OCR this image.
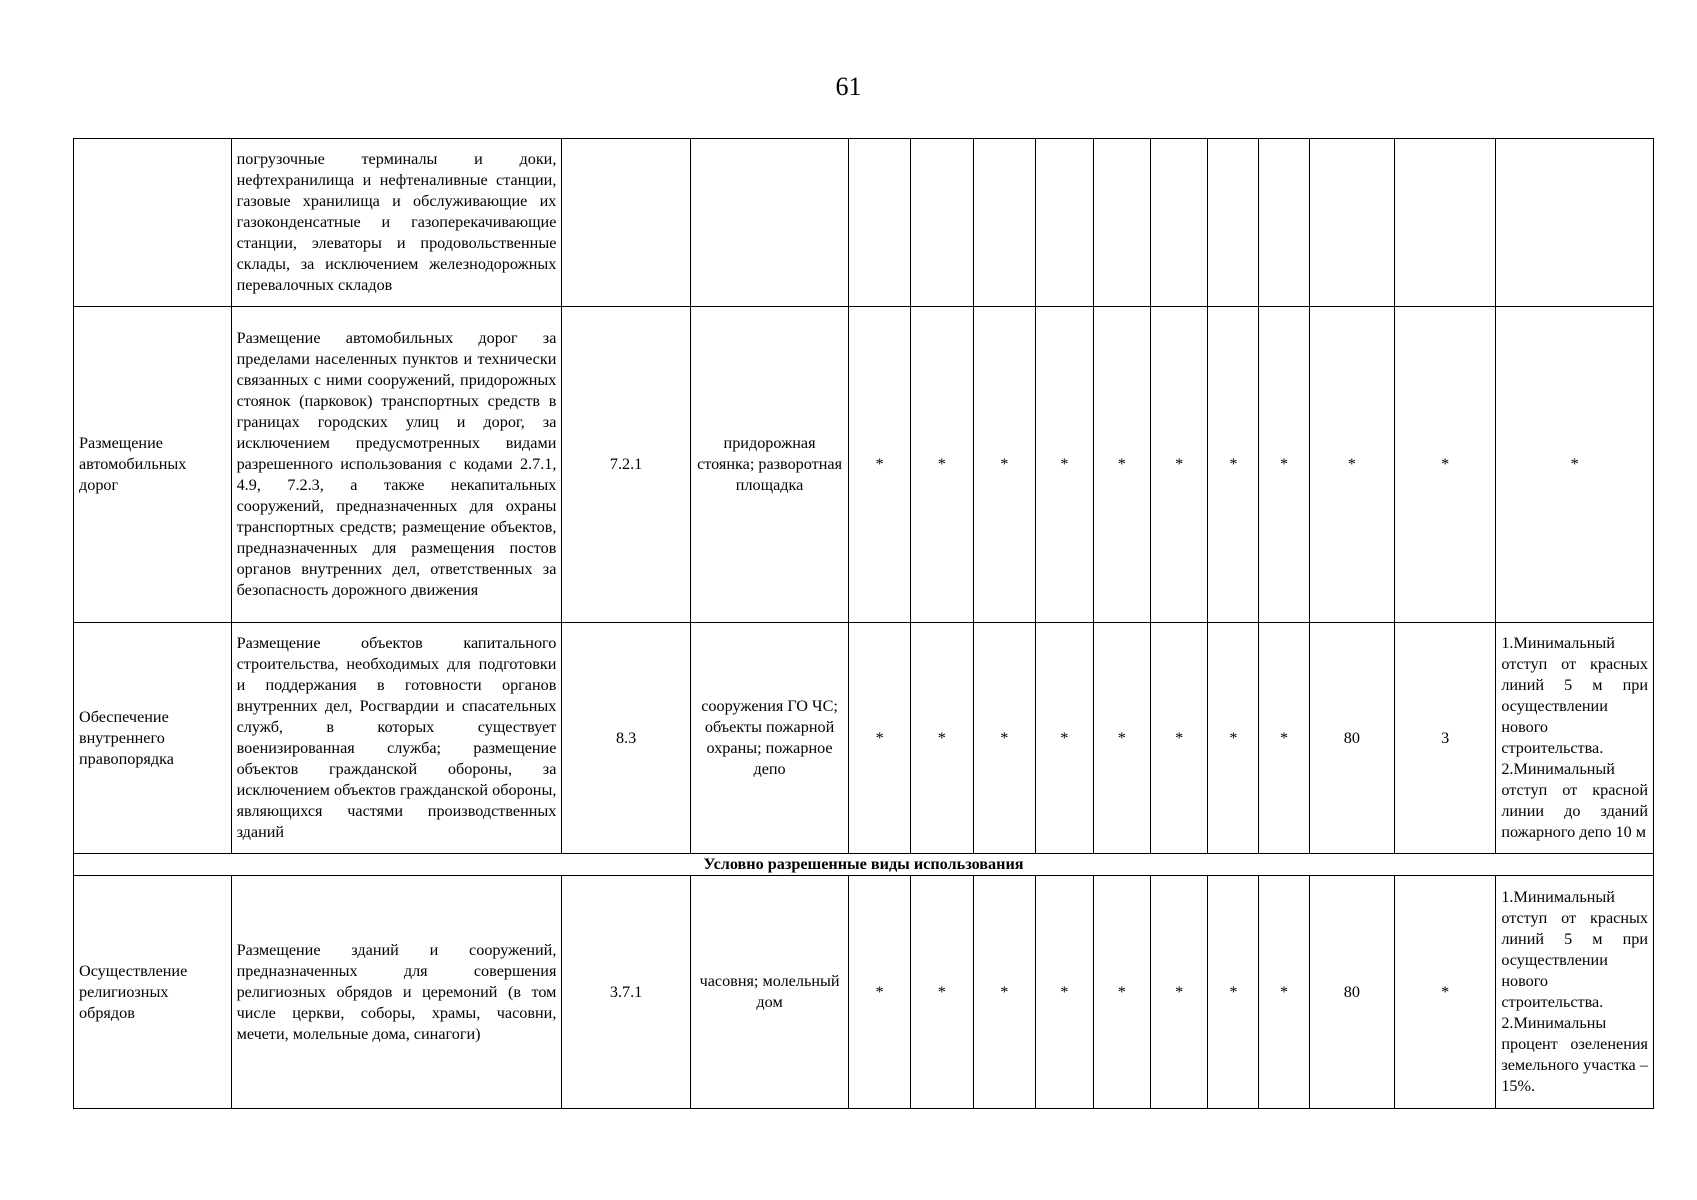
61
	погрузочные терминалы и доки, нефтехранилища и нефтеналивные станции, газовые хранилища и обслуживающие их газоконденсатные и газоперекачивающие станции, элеваторы и продовольственные склады, за исключением железнодорожных перевалочных складов													
Размещение автомобильных дорог	Размещение автомобильных дорог за пределами населенных пунктов и технически связанных с ними сооружений, придорожных стоянок (парковок) транспортных средств в границах городских улиц и дорог, за исключением предусмотренных видами разрешенного использования с кодами 2.7.1, 4.9, 7.2.3, а также некапитальных сооружений, предназначенных для охраны транспортных средств; размещение объектов, предназначенных для размещения постов органов внутренних дел, ответственных за безопасность дорожного движения	7.2.1	придорожная стоянка; разворотная площадка	*	*	*	*	*	*	*	*	*	*	*
Обеспечение внутреннего правопорядка	Размещение объектов капитального строительства, необходимых для подготовки и поддержания в готовности органов внутренних дел, Росгвардии и спасательных служб, в которых существует военизированная служба; размещение объектов гражданской обороны, за исключением объектов гражданской обороны, являющихся частями производственных зданий	8.3	сооружения ГО ЧС; объекты пожарной охраны; пожарное депо	*	*	*	*	*	*	*	*	80	3	1.Минимальный отступ от красных линий 5 м при осуществлении нового строительства. 2.Минимальный отступ от красной линии до зданий пожарного депо 10 м
Условно разрешенные виды использования														
Осуществление религиозных обрядов	Размещение зданий и сооружений, предназначенных для совершения религиозных обрядов и церемоний (в том числе церкви, соборы, храмы, часовни, мечети, молельные дома, синагоги)	3.7.1	часовня; молельный дом	*	*	*	*	*	*	*	*	80	*	1.Минимальный отступ от красных линий 5 м при осуществлении нового строительства. 2.Минимальны процент озеленения земельного участка – 15%.
